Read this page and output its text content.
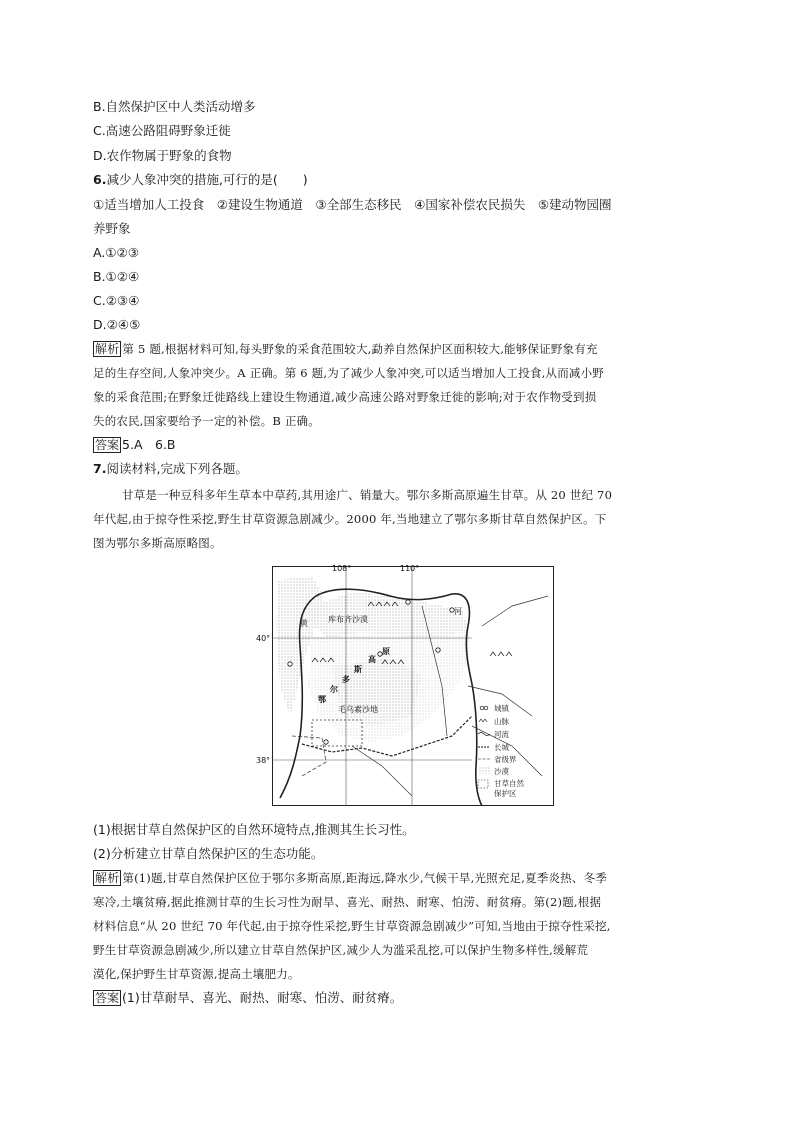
B.自然保护区中人类活动增多
C.高速公路阻碍野象迁徙
D.农作物属于野象的食物
6.减少人象冲突的措施,可行的是(　　)
①适当增加人工投食　②建设生物通道　③全部生态移民　④国家补偿农民损失　⑤建动物园圈
养野象
A.①②③
B.①②④
C.②③④
D.②④⑤
解析 第 5 题,根据材料可知,每头野象的采食范围较大,勐养自然保护区面积较大,能够保证野象有充
足的生存空间,人象冲突少。A 正确。第 6 题,为了减少人象冲突,可以适当增加人工投食,从而减小野
象的采食范围;在野象迁徙路线上建设生物通道,减少高速公路对野象迁徙的影响;对于农作物受到损
失的农民,国家要给予一定的补偿。B 正确。
答案 5.A　6.B
7.阅读材料,完成下列各题。
甘草是一种豆科多年生草本中草药,其用途广、销量大。鄂尔多斯高原遍生甘草。从 20 世纪 70
年代起,由于掠夺性采挖,野生甘草资源急剧减少。2000 年,当地建立了鄂尔多斯甘草自然保护区。下
图为鄂尔多斯高原略图。
108°	110°
40°
38°
库布齐沙漠
河
黄
鄂
尔
多
斯
高
原
毛乌素沙地	城镇
山脉
河流
长城
省级界
沙漠
甘草自然
保护区
(1)根据甘草自然保护区的自然环境特点,推测其生长习性。
(2)分析建立甘草自然保护区的生态功能。
解析 第(1)题,甘草自然保护区位于鄂尔多斯高原,距海远,降水少,气候干旱,光照充足,夏季炎热、冬季
寒冷,土壤贫瘠,据此推测甘草的生长习性为耐旱、喜光、耐热、耐寒、怕涝、耐贫瘠。第(2)题,根据
材料信息“从 20 世纪 70 年代起,由于掠夺性采挖,野生甘草资源急剧减少”可知,当地由于掠夺性采挖,
野生甘草资源急剧减少,所以建立甘草自然保护区,减少人为滥采乱挖,可以保护生物多样性,缓解荒
漠化,保护野生甘草资源,提高土壤肥力。
答案 (1)甘草耐旱、喜光、耐热、耐寒、怕涝、耐贫瘠。
